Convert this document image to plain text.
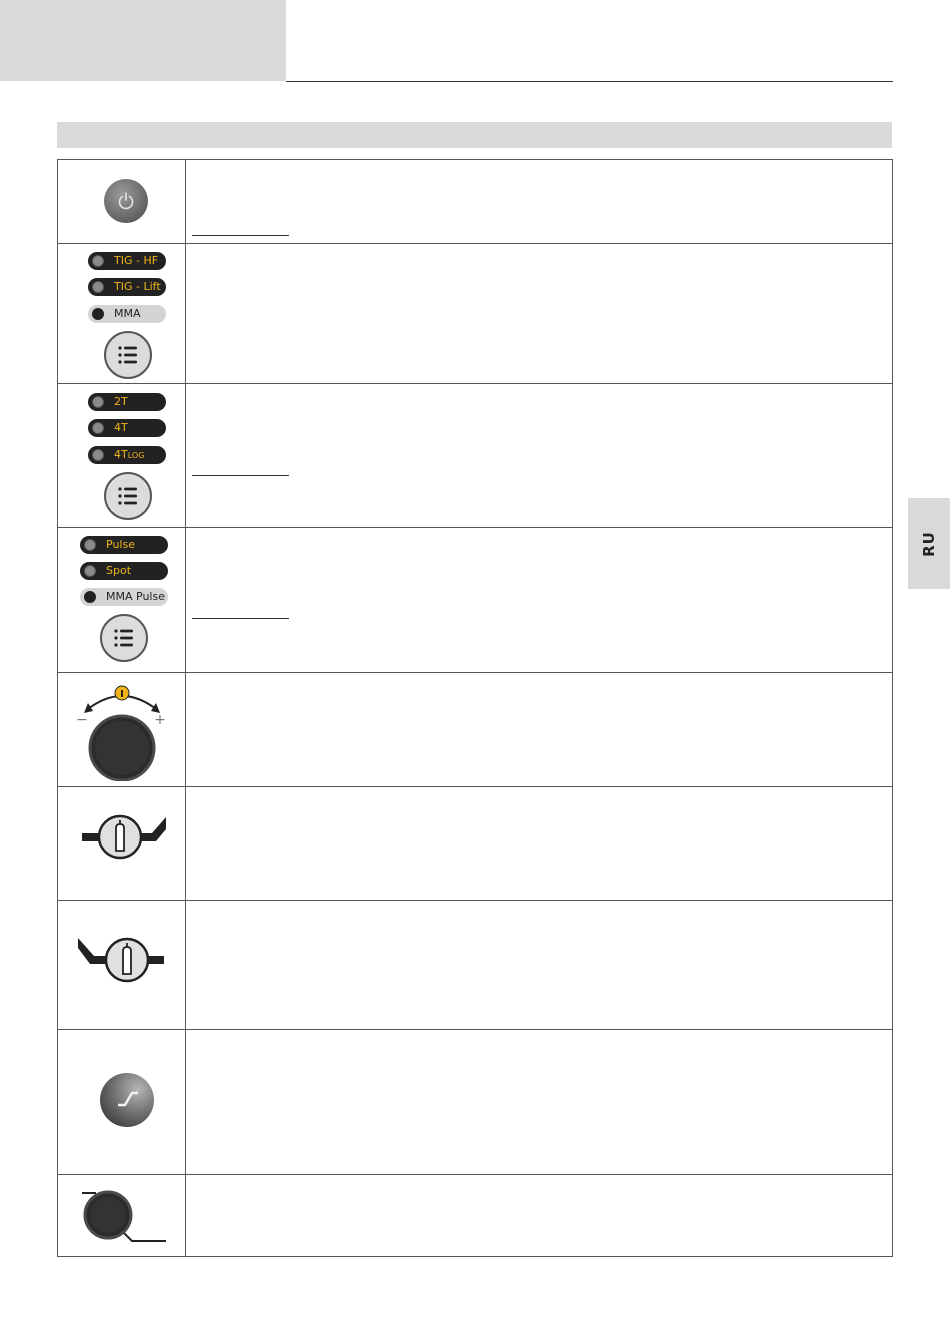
RU

TIG - HF
TIG - Lift
MMA	

2T
4T
4TLOG	

Pulse
Spot
MMA Pulse	

I
− +	
